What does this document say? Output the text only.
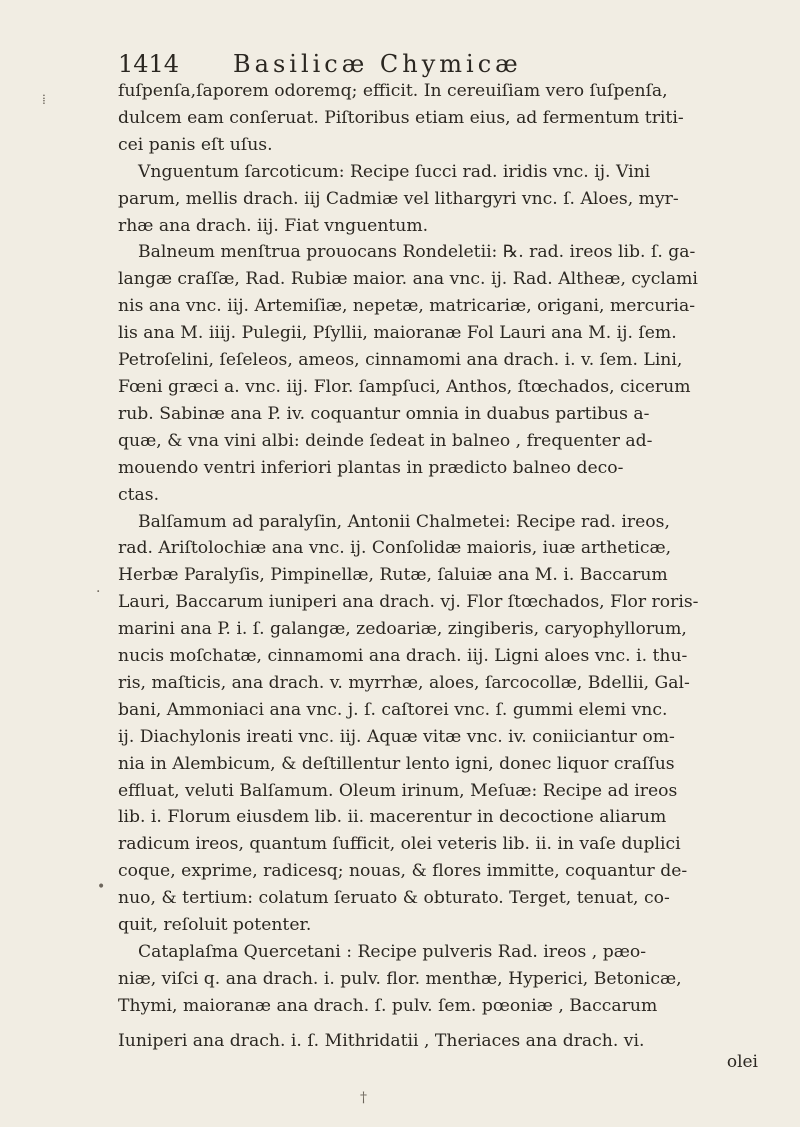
1414 Basilicæ Chymicæ
⁞
·
•
†
fuſpenſa,ſaporem odoremq; efficit. In cereuiſiam vero ſuſpenſa,
dulcem eam conſeruat. Piſtoribus etiam eius, ad fermentum triti-
cei panis eſt uſus.
Vnguentum ſarcoticum: Recipe ſucci rad. iridis vnc. ij. Vini
parum, mellis drach. iij Cadmiæ vel lithargyri vnc. ſ. Aloes, myr-
rhæ ana drach. iij. Fiat vnguentum.
Balneum menſtrua prouocans Rondeletii: ℞. rad. ireos lib. ſ. ga-
langæ craſſæ, Rad. Rubiæ maior. ana vnc. ij. Rad. Altheæ, cyclami
nis ana vnc. iij. Artemiſiæ, nepetæ, matricariæ, origani, mercuria-
lis ana M. iiij. Pulegii, Pſyllii, maioranæ Fol Lauri ana M. ij. ſem.
Petroſelini, ſeſeleos, ameos, cinnamomi ana drach. i. v. ſem. Lini,
Fœni græci a. vnc. iij. Flor. ſampſuci, Anthos, ſtœchados, cicerum
rub. Sabinæ ana P. iv. coquantur omnia in duabus partibus a-
quæ, & vna vini albi: deinde ſedeat in balneo , frequenter ad-
mouendo ventri inferiori plantas in prædicto balneo deco-
ctas.
Balſamum ad paralyſin, Antonii Chalmetei: Recipe rad. ireos,
rad. Ariſtolochiæ ana vnc. ij. Conſolidæ maioris, iuæ artheticæ,
Herbæ Paralyſis, Pimpinellæ, Rutæ, ſaluiæ ana M. i. Baccarum
Lauri, Baccarum iuniperi ana drach. vj. Flor ſtœchados, Flor roris-
marini ana P. i. ſ. galangæ, zedoariæ, zingiberis, caryophyllorum,
nucis moſchatæ, cinnamomi ana drach. iij. Ligni aloes vnc. i. thu-
ris, maſticis, ana drach. v. myrrhæ, aloes, ſarcocollæ, Bdellii, Gal-
bani, Ammoniaci ana vnc. j. ſ. caſtorei vnc. ſ. gummi elemi vnc.
ij. Diachylonis ireati vnc. iij. Aquæ vitæ vnc. iv. coniiciantur om-
nia in Alembicum, & deſtillentur lento igni, donec liquor craſſus
effluat, veluti Balſamum. Oleum irinum, Meſuæ: Recipe ad ireos
lib. i. Florum eiusdem lib. ii. macerentur in decoctione aliarum
radicum ireos, quantum ſufficit, olei veteris lib. ii. in vaſe duplici
coque, exprime, radicesq; nouas, & flores immitte, coquantur de-
nuo, & tertium: colatum ſeruato & obturato. Terget, tenuat, co-
quit, reſoluit potenter.
Cataplaſma Quercetani : Recipe pulveris Rad. ireos , pæo-
niæ, viſci q. ana drach. i. pulv. flor. menthæ, Hyperici, Betonicæ,
Thymi, maioranæ ana drach. ſ. pulv. ſem. pœoniæ , Baccarum
Iuniperi ana drach. i. ſ. Mithridatii , Theriaces ana drach. vi.
olei
